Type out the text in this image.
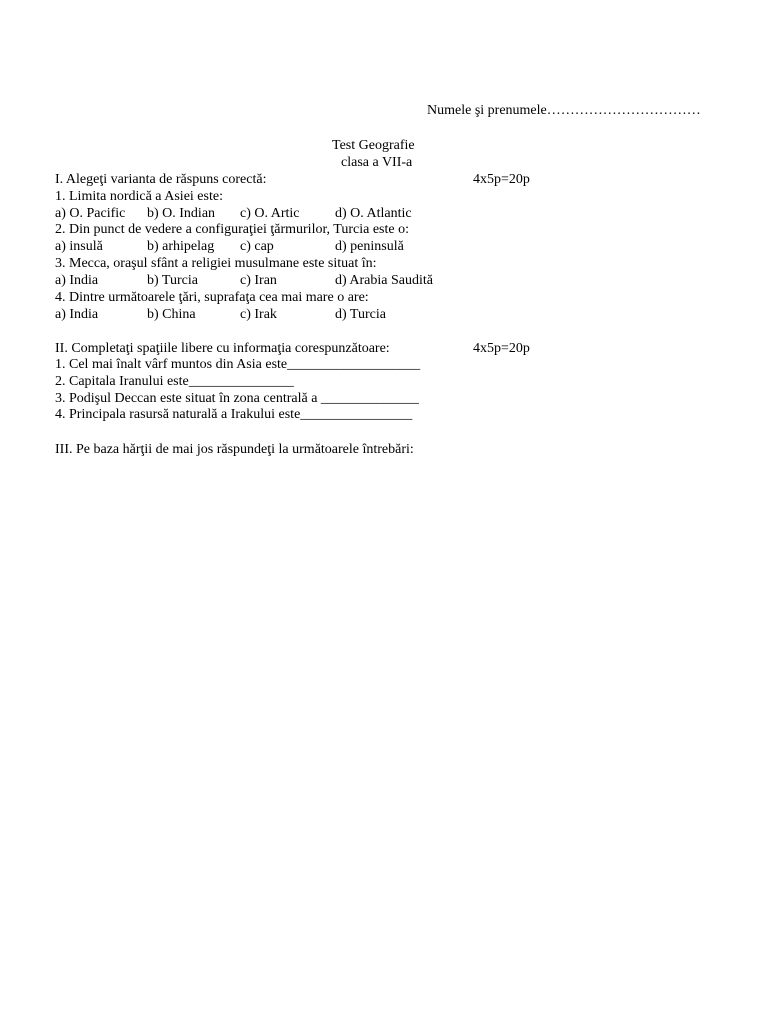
Numele şi prenumele……………………………
Test Geografie
clasa a VII-a
I. Alegeţi varianta de răspuns corectă:	4x5p=20p
1. Limita nordică a Asiei este:
a) O. Pacific b) O. Indian c) O. Artic	d) O. Atlantic
2. Din punct de vedere a configuraţiei ţărmurilor, Turcia este o:
a) insulă	b) arhipelag c) cap	d) peninsulă
3. Mecca, oraşul sfânt a religiei musulmane este situat în:
a) India	b) Turcia	c) Iran	d) Arabia Saudită
4. Dintre următoarele ţări, suprafaţa cea mai mare o are:
a) India	b) China	c) Irak	d) Turcia
II. Completaţi spaţiile libere cu informaţia corespunzătoare:	4x5p=20p
1. Cel mai înalt vârf muntos din Asia este___________________
2. Capitala Iranului este_______________
3. Podişul Deccan este situat în zona centrală a ______________
4. Principala rasursă naturală a Irakului este________________
III. Pe baza hărţii de mai jos răspundeţi la următoarele întrebări:
